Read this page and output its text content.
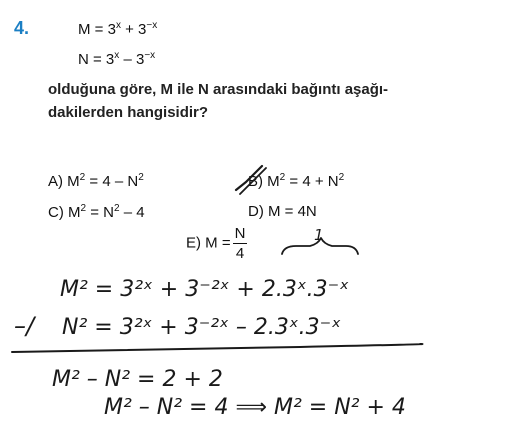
4.	$M = 3^x + 3^{-x}$
$N = 3^x - 3^{-x}$
olduğuna göre, M ile N arasındaki bağıntı aşağı-
dakilerden hangisidir?
A) $M^2 = 4 - N^2$	B) $M^2 = 4 + N^2$
C) $M^2 = N^2 - 4$	D) M = 4N
E) $M = \frac{N}{4}$	1
M² = 3²ˣ + 3⁻²ˣ + 2.3ˣ.3⁻ˣ
–/ N² = 3²ˣ + 3⁻²ˣ – 2.3ˣ.3⁻ˣ
M² – N² = 2 + 2
M² – N² = 4 ⟹ M² = N² + 4
